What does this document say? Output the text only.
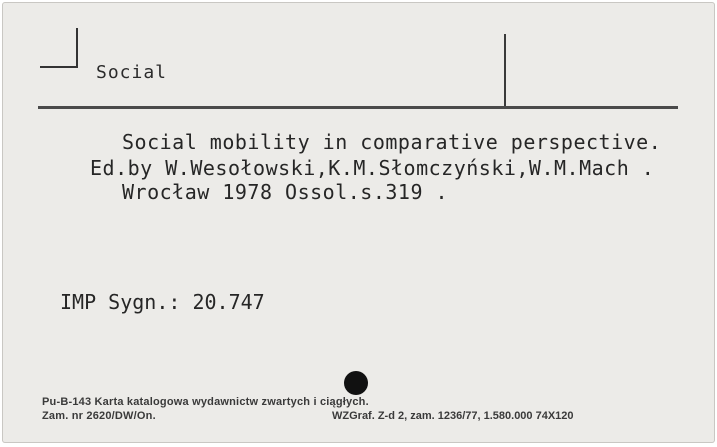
Social
Social mobility in comparative perspective.
Ed.by W.Wesołowski,K.M.Słomczyński,W.M.Mach .
Wrocław 1978 Ossol.s.319 .
IMP Sygn.: 20.747
Pu-B-143 Karta katalogowa wydawnictw zwartych i ciągłych.
Zam. nr 2620/DW/On.	WZGraf. Z-d 2, zam. 1236/77, 1.580.000 74X120
